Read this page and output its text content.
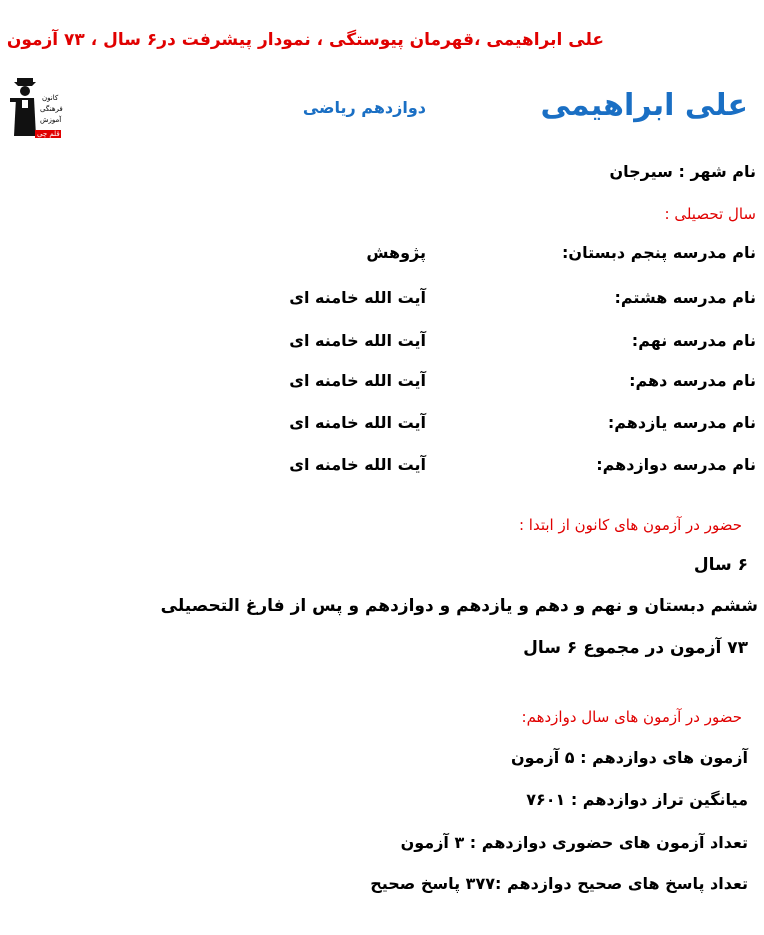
علی ابراهیمی ،قهرمان پیوستگی ، نمودار پیشرفت در۶ سال ، ۷۳ آزمون
کانون
فرهنگی
آموزش
قلم چی
علی ابراهیمی
دوازدهم ریاضی
نام شهر : سیرجان
سال تحصیلی :
نام مدرسه پنجم دبستان:
پژوهش
نام مدرسه هشتم:
آیت الله خامنه ای
نام مدرسه نهم:
آیت الله خامنه ای
نام مدرسه دهم:
آیت الله خامنه ای
نام مدرسه یازدهم:
آیت الله خامنه ای
نام مدرسه دوازدهم:
آیت الله خامنه ای
حضور در آزمون های کانون از ابتدا :
۶ سال
ششم دبستان و نهم و دهم و یازدهم و دوازدهم و پس از فارغ التحصیلی
۷۳ آزمون در مجموع ۶ سال
حضور در آزمون های سال دوازدهم:
آزمون های دوازدهم : ۵ آزمون
میانگین تراز دوازدهم : ۷۶۰۱
تعداد آزمون های حضوری دوازدهم : ۳ آزمون
تعداد پاسخ های صحیح دوازدهم :۳۷۷ پاسخ صحیح
